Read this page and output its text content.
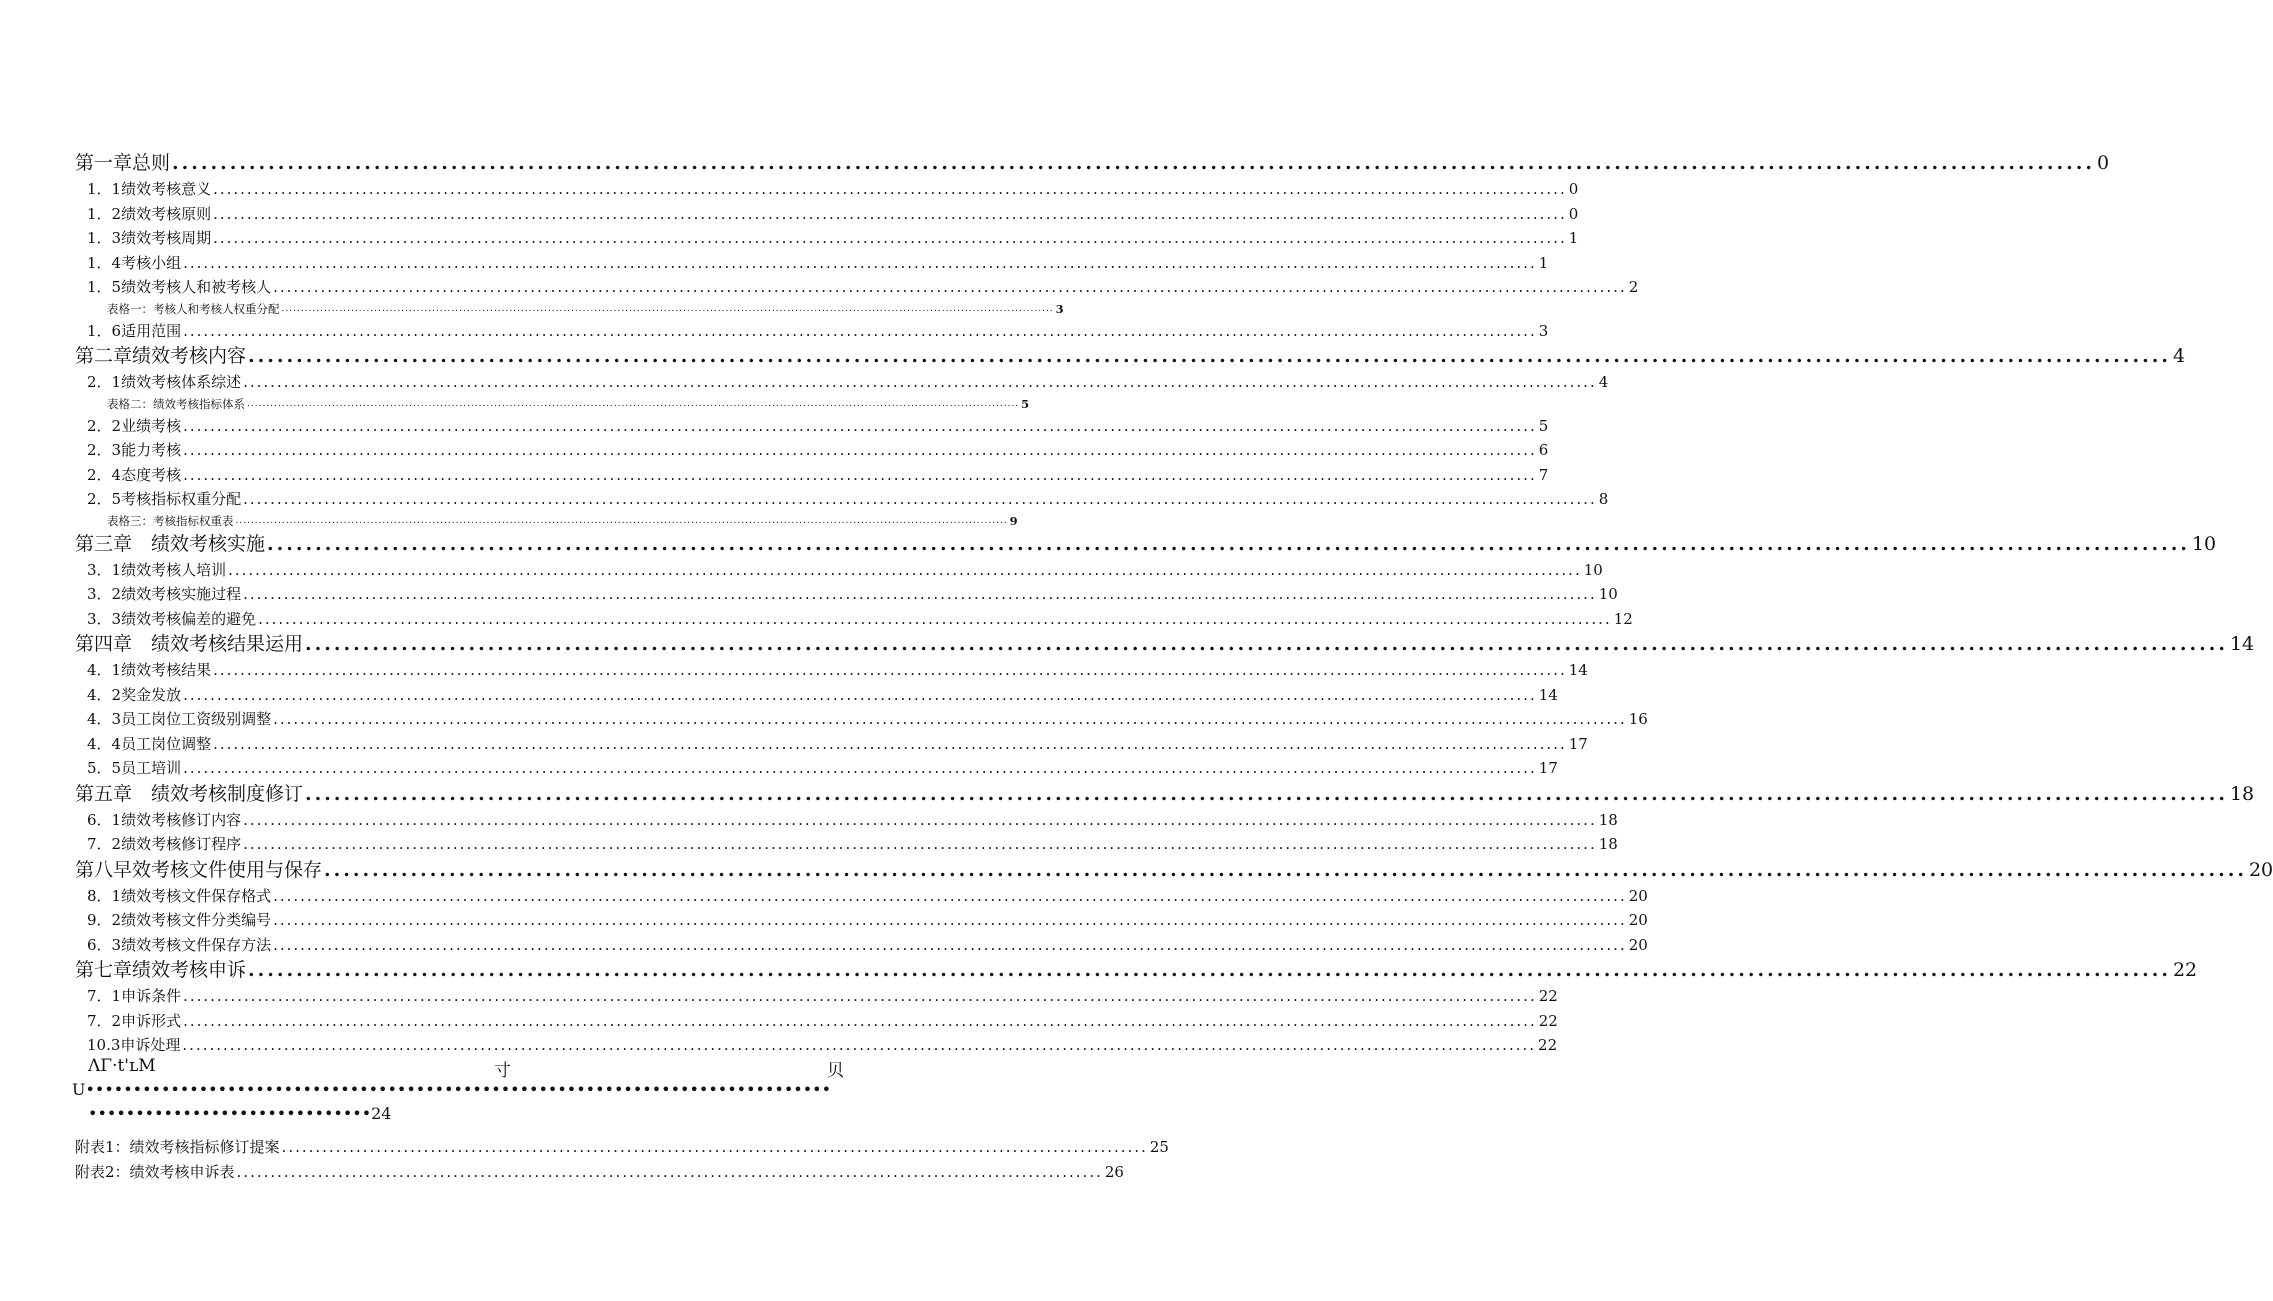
第一章总则 ........................................................................................................................................................................................................ 0
1．1绩效考核意义 ........................................................................................................................................................................................................ 0
1．2绩效考核原则 ........................................................................................................................................................................................................ 0
1．3绩效考核周期 ........................................................................................................................................................................................................ 1
1．4考核小组 ........................................................................................................................................................................................................ 1
1．5绩效考核人和被考核人 ........................................................................................................................................................................................................ 2
表格一：考核人和考核人权重分配 ........................................................................................................................................................................................................ 3
1．6适用范围 ........................................................................................................................................................................................................ 3
第二章绩效考核内容 ........................................................................................................................................................................................................ 4
2．1绩效考核体系综述 ........................................................................................................................................................................................................ 4
表格二：绩效考核指标体系 ........................................................................................................................................................................................................ 5
2．2业绩考核 ........................................................................................................................................................................................................ 5
2．3能力考核 ........................................................................................................................................................................................................ 6
2．4态度考核 ........................................................................................................................................................................................................ 7
2．5考核指标权重分配 ........................................................................................................................................................................................................ 8
表格三：考核指标权重表 ........................................................................................................................................................................................................ 9
第三章　绩效考核实施 ........................................................................................................................................................................................................ 10
3．1绩效考核人培训 ........................................................................................................................................................................................................ 10
3．2绩效考核实施过程 ........................................................................................................................................................................................................ 10
3．3绩效考核偏差的避免 ........................................................................................................................................................................................................ 12
第四章　绩效考核结果运用 ........................................................................................................................................................................................................ 14
4．1绩效考核结果 ........................................................................................................................................................................................................ 14
4．2奖金发放 ........................................................................................................................................................................................................ 14
4．3员工岗位工资级别调整 ........................................................................................................................................................................................................ 16
4．4员工岗位调整 ........................................................................................................................................................................................................ 17
5．5员工培训 ........................................................................................................................................................................................................ 17
第五章　绩效考核制度修订 ........................................................................................................................................................................................................ 18
6．1绩效考核修订内容 ........................................................................................................................................................................................................ 18
7．2绩效考核修订程序 ........................................................................................................................................................................................................ 18
第八早效考核文件使用与保存 ........................................................................................................................................................................................................ 20
8．1绩效考核文件保存格式 ........................................................................................................................................................................................................ 20
9．2绩效考核文件分类编号 ........................................................................................................................................................................................................ 20
6．3绩效考核文件保存方法 ........................................................................................................................................................................................................ 20
第七章绩效考核申诉 ........................................................................................................................................................................................................ 22
7．1申诉条件 ........................................................................................................................................................................................................ 22
7．2申诉形式 ........................................................................................................................................................................................................ 22
10.3申诉处理 ........................................................................................................................................................................................................ 22
ΛΓ·t'ʟM	寸	贝
U•••••••••••••••••••••••••••••••••••••••••••••••••••••••••••••••••••••••••••••••
••••••••••••••••••••••••••••••24
附表1：绩效考核指标修订提案 ................................................................................................................................ 25
附表2：绩效考核申诉表 ................................................................................................................................ 26
